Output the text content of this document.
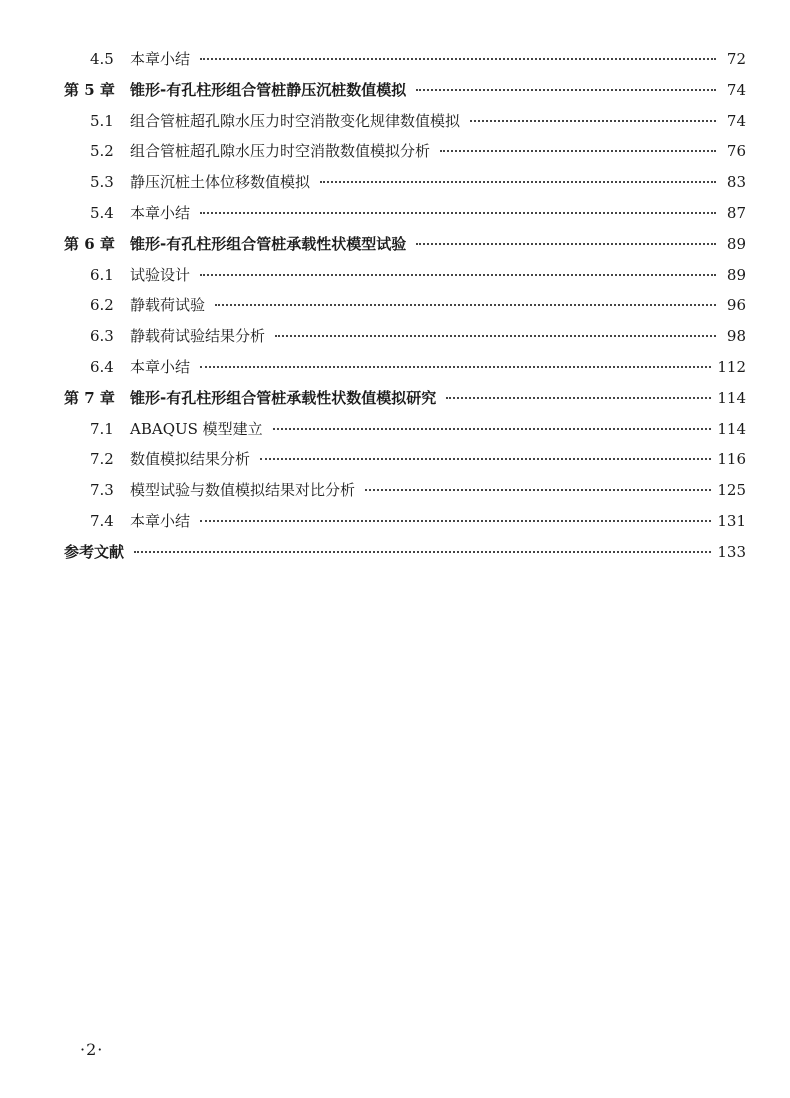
4.5	本章小结	72
第 5 章	锥形-有孔柱形组合管桩静压沉桩数值模拟	74
5.1	组合管桩超孔隙水压力时空消散变化规律数值模拟	74
5.2	组合管桩超孔隙水压力时空消散数值模拟分析	76
5.3	静压沉桩土体位移数值模拟	83
5.4	本章小结	87
第 6 章	锥形-有孔柱形组合管桩承载性状模型试验	89
6.1	试验设计	89
6.2	静载荷试验	96
6.3	静载荷试验结果分析	98
6.4	本章小结	112
第 7 章	锥形-有孔柱形组合管桩承载性状数值模拟研究	114
7.1	ABAQUS 模型建立	114
7.2	数值模拟结果分析	116
7.3	模型试验与数值模拟结果对比分析	125
7.4	本章小结	131
参考文献	133
·2·
